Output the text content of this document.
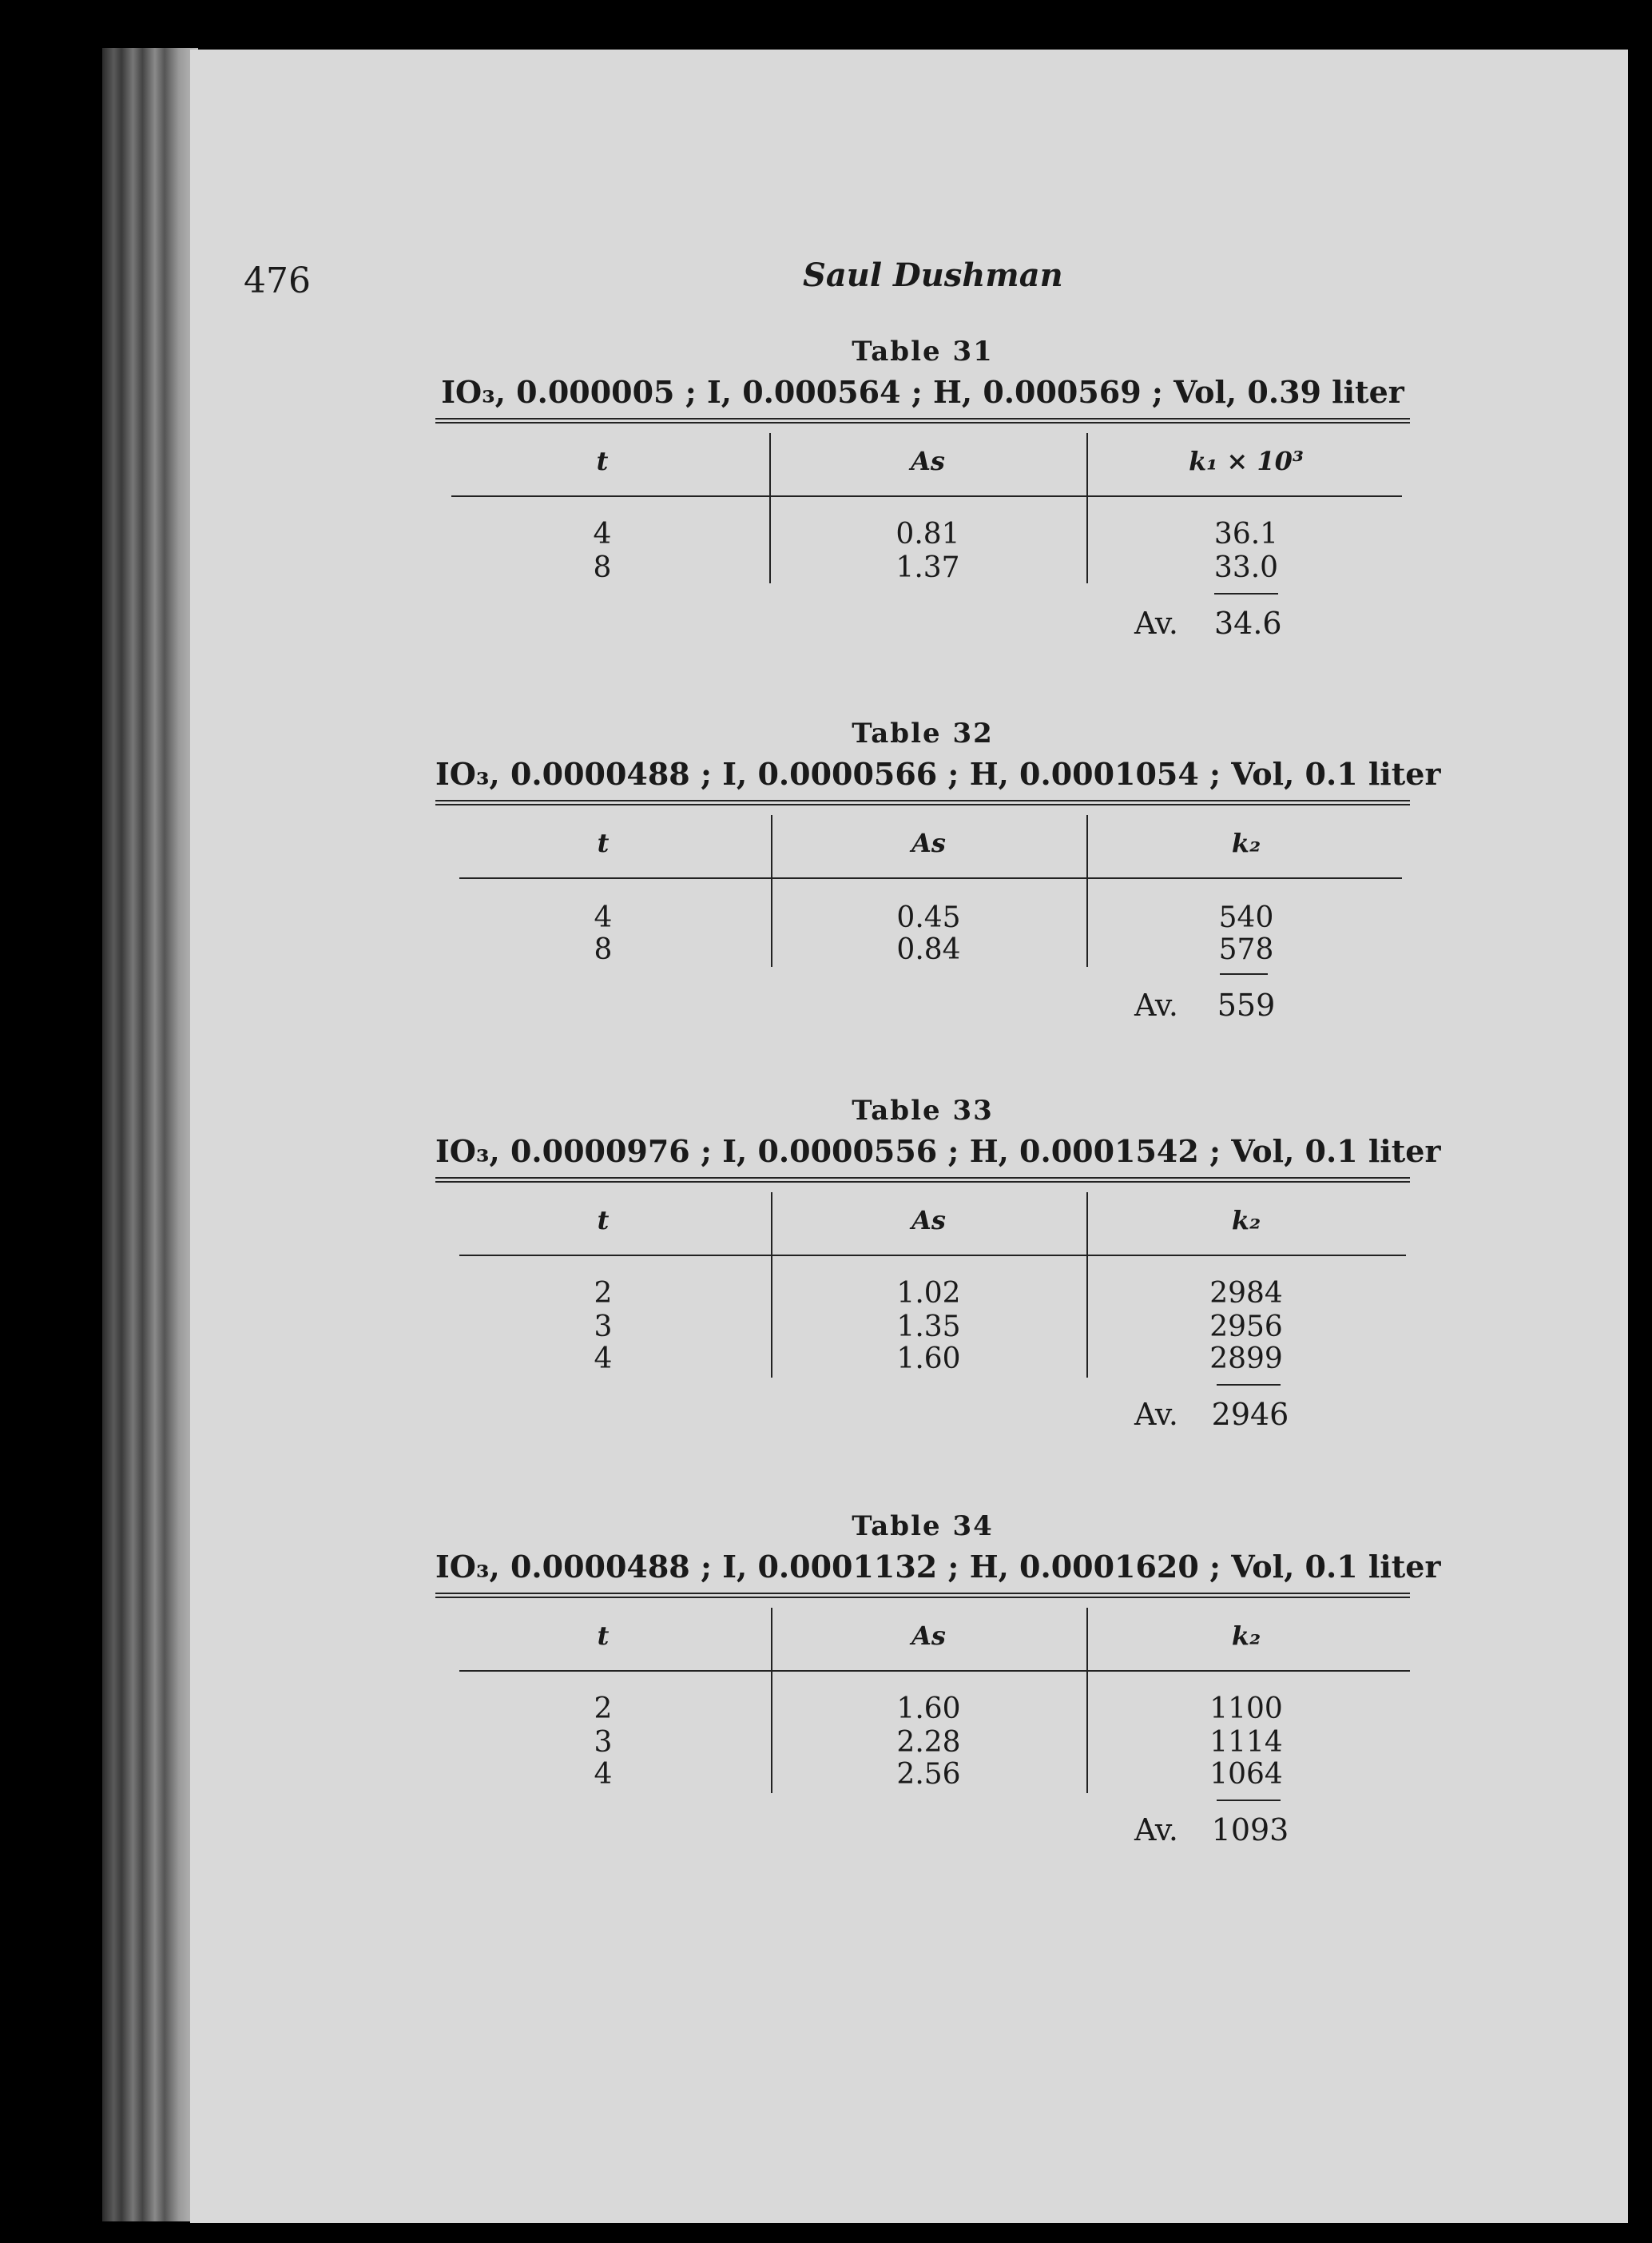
476	Saul Dushman
Table 31
IO₃, 0.000005 ; I, 0.000564 ; H, 0.000569 ; Vol, 0.39 liter
t	As	k₁ × 10³
4	0.81	36.1
8	1.37	33.0
Av. 34.6
Table 32
IO₃, 0.0000488 ; I, 0.0000566 ; H, 0.0001054 ; Vol, 0.1 liter
t	As	k₂
4	0.45	540
8	0.84	578
Av. 559
Table 33
IO₃, 0.0000976 ; I, 0.0000556 ; H, 0.0001542 ; Vol, 0.1 liter
t	As	k₂
2	1.02	2984
3	1.35	2956
4	1.60	2899
Av. 2946
Table 34
IO₃, 0.0000488 ; I, 0.0001132 ; H, 0.0001620 ; Vol, 0.1 liter
t	As	k₂
2	1.60	1100
3	2.28	1114
4	2.56	1064
Av. 1093
